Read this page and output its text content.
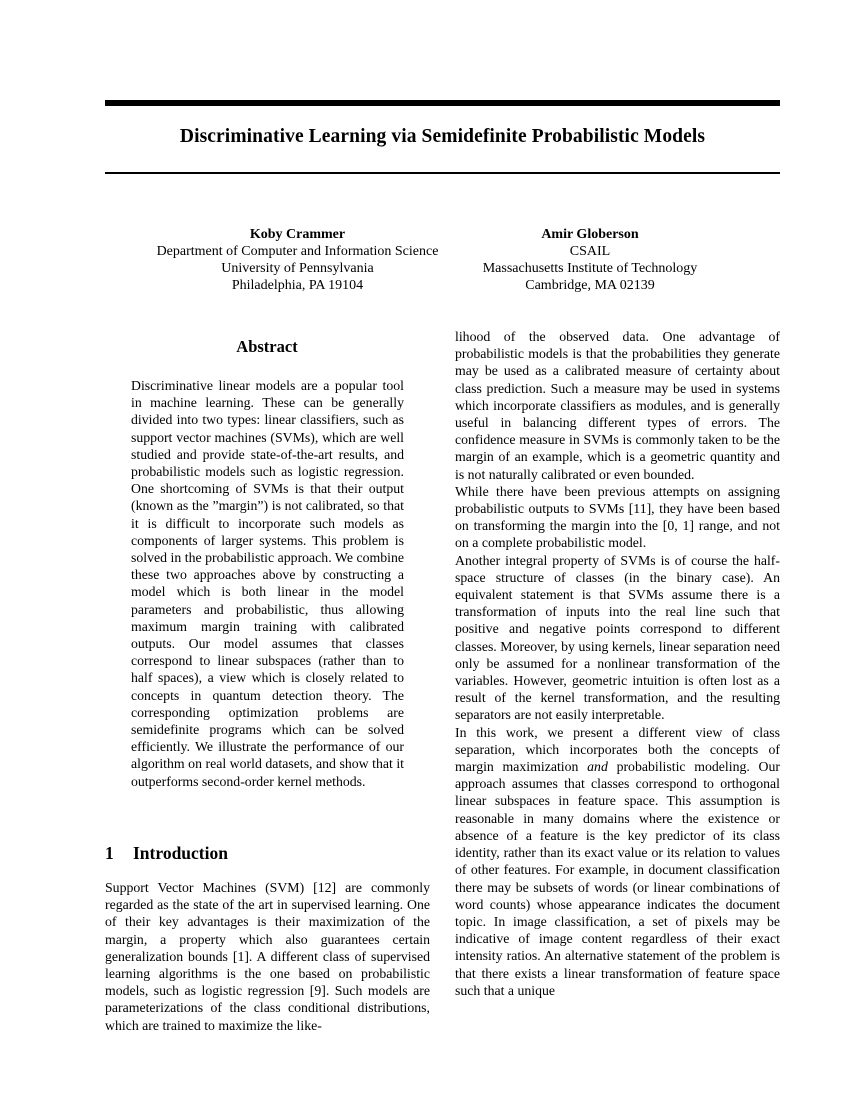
Discriminative Learning via Semidefinite Probabilistic Models
Koby Crammer
Department of Computer and Information Science
University of Pennsylvania
Philadelphia, PA 19104
Amir Globerson
CSAIL
Massachusetts Institute of Technology
Cambridge, MA 02139
Abstract

Discriminative linear models are a popular tool in machine learning. These can be generally divided into two types: linear classifiers, such as support vector machines (SVMs), which are well studied and provide state-of-the-art results, and probabilistic models such as logistic regression. One shortcoming of SVMs is that their output (known as the ”margin”) is not calibrated, so that it is difficult to incorporate such models as components of larger systems. This problem is solved in the probabilistic approach. We combine these two approaches above by constructing a model which is both linear in the model parameters and probabilistic, thus allowing maximum margin training with calibrated outputs. Our model assumes that classes correspond to linear subspaces (rather than to half spaces), a view which is closely related to concepts in quantum detection theory. The corresponding optimization problems are semidefinite programs which can be solved efficiently. We illustrate the performance of our algorithm on real world datasets, and show that it outperforms second-order kernel methods.

1 Introduction

Support Vector Machines (SVM) [12] are commonly regarded as the state of the art in supervised learning. One of their key advantages is their maximization of the margin, a property which also guarantees certain generalization bounds [1]. A different class of supervised learning algorithms is the one based on probabilistic models, such as logistic regression [9]. Such models are parameterizations of the class conditional distributions, which are trained to maximize the like-

lihood of the observed data. One advantage of probabilistic models is that the probabilities they generate may be used as a calibrated measure of certainty about class prediction. Such a measure may be used in systems which incorporate classifiers as modules, and is generally useful in balancing different types of errors. The confidence measure in SVMs is commonly taken to be the margin of an example, which is a geometric quantity and is not naturally calibrated or even bounded.

While there have been previous attempts on assigning probabilistic outputs to SVMs [11], they have been based on transforming the margin into the [0, 1] range, and not on a complete probabilistic model.

Another integral property of SVMs is of course the half-space structure of classes (in the binary case). An equivalent statement is that SVMs assume there is a transformation of inputs into the real line such that positive and negative points correspond to different classes. Moreover, by using kernels, linear separation need only be assumed for a nonlinear transformation of the variables. However, geometric intuition is often lost as a result of the kernel transformation, and the resulting separators are not easily interpretable.

In this work, we present a different view of class separation, which incorporates both the concepts of margin maximization and probabilistic modeling. Our approach assumes that classes correspond to orthogonal linear subspaces in feature space. This assumption is reasonable in many domains where the existence or absence of a feature is the key predictor of its class identity, rather than its exact value or its relation to values of other features. For example, in document classification there may be subsets of words (or linear combinations of word counts) whose appearance indicates the document topic. In image classification, a set of pixels may be indicative of image content regardless of their exact intensity ratios. An alternative statement of the problem is that there exists a linear transformation of feature space such that a unique
